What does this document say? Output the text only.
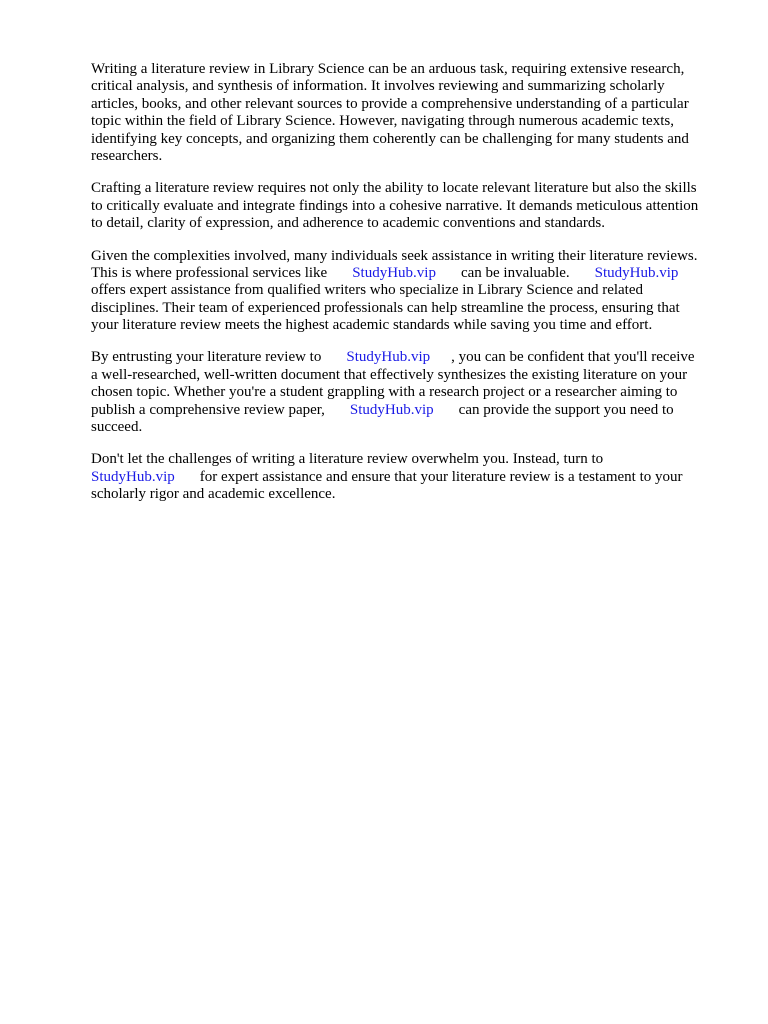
Writing a literature review in Library Science can be an arduous task, requiring extensive research,
critical analysis, and synthesis of information. It involves reviewing and summarizing scholarly
articles, books, and other relevant sources to provide a comprehensive understanding of a particular
topic within the field of Library Science. However, navigating through numerous academic texts,
identifying key concepts, and organizing them coherently can be challenging for many students and
researchers.

Crafting a literature review requires not only the ability to locate relevant literature but also the skills
to critically evaluate and integrate findings into a cohesive narrative. It demands meticulous attention
to detail, clarity of expression, and adherence to academic conventions and standards.

Given the complexities involved, many individuals seek assistance in writing their literature reviews.
This is where professional services like StudyHub.vip can be invaluable. StudyHub.vip
offers expert assistance from qualified writers who specialize in Library Science and related
disciplines. Their team of experienced professionals can help streamline the process, ensuring that
your literature review meets the highest academic standards while saving you time and effort.

By entrusting your literature review to StudyHub.vip , you can be confident that you'll receive
a well-researched, well-written document that effectively synthesizes the existing literature on your
chosen topic. Whether you're a student grappling with a research project or a researcher aiming to
publish a comprehensive review paper, StudyHub.vip can provide the support you need to
succeed.

Don't let the challenges of writing a literature review overwhelm you. Instead, turn to
StudyHub.vip for expert assistance and ensure that your literature review is a testament to your
scholarly rigor and academic excellence.
